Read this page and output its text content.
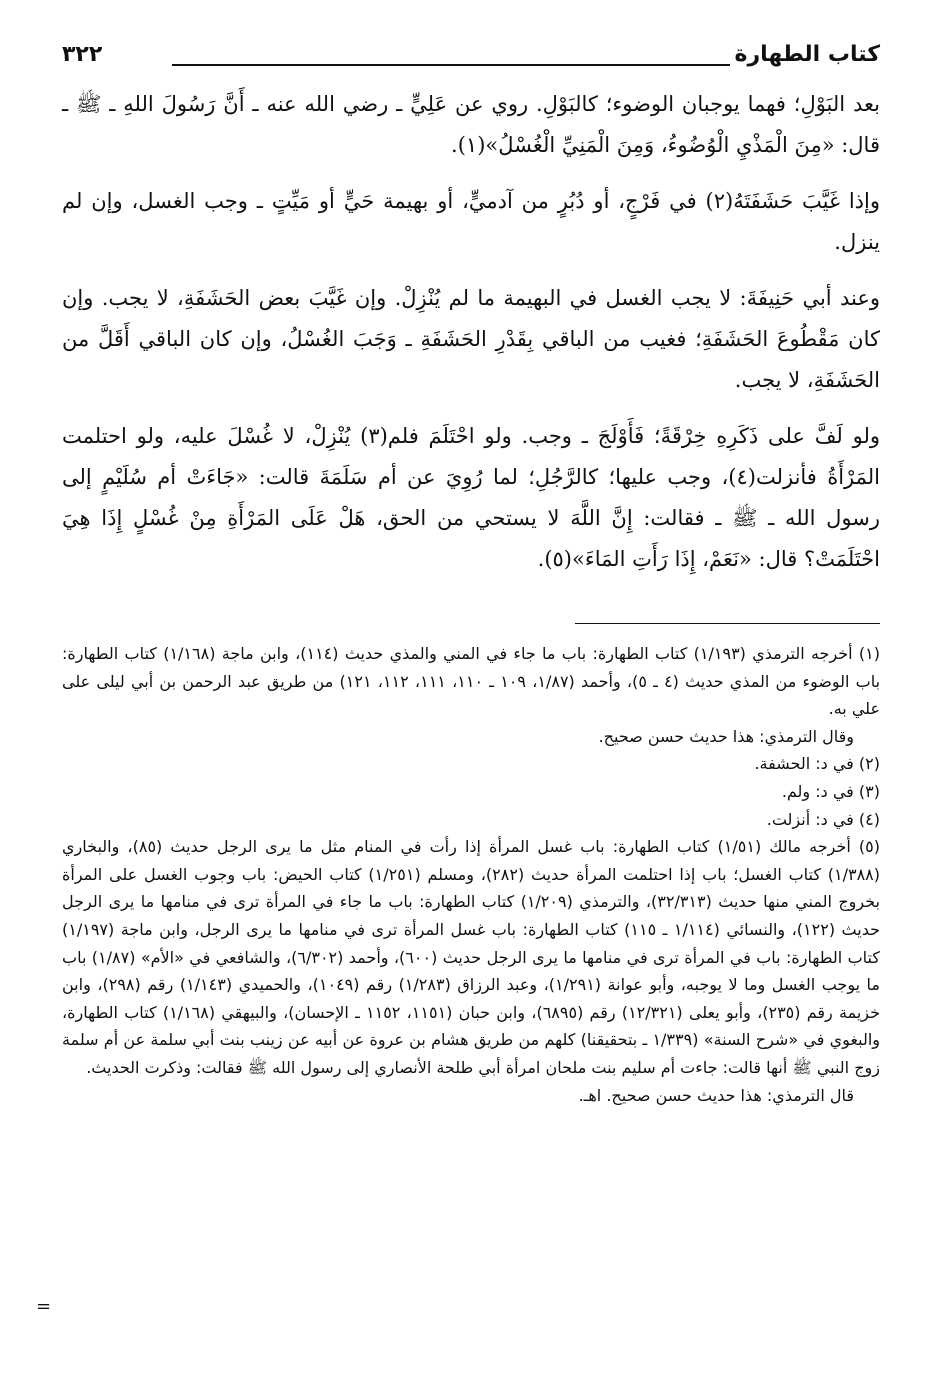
كتاب الطهارة
٣٢٢

بعد البَوْلِ؛ فهما يوجبان الوضوء؛ كالبَوْلِ. روي عن عَلِيٍّ ـ رضي الله عنه ـ أَنَّ رَسُولَ اللهِ ـ ﷺ ـ قال: «مِنَ الْمَذْيِ الْوُضُوءُ، وَمِنَ الْمَنِيِّ الْغُسْلُ»(١).

وإذا غَيَّبَ حَشَفَتَهُ(٢) في فَرْجٍ، أو دُبُرٍ من آدميٍّ، أو بهيمة حَيٍّ أو مَيِّتٍ ـ وجب الغسل، وإن لم ينزل.

وعند أبي حَنِيفَةَ: لا يجب الغسل في البهيمة ما لم يُنْزِلْ. وإن غَيَّبَ بعض الحَشَفَةِ، لا يجب. وإن كان مَقْطُوعَ الحَشَفَةِ؛ فغيب من الباقي بِقَدْرِ الحَشَفَةِ ـ وَجَبَ الغُسْلُ، وإن كان الباقي أَقَلَّ من الحَشَفَةِ، لا يجب.

ولو لَفَّ على ذَكَرِهِ خِرْقَةً؛ فَأَوْلَجَ ـ وجب. ولو احْتَلَمَ فلم(٣) يُنْزِلْ، لا غُسْلَ عليه، ولو احتلمت المَرْأَةُ فأنزلت(٤)، وجب عليها؛ كالرَّجُلِ؛ لما رُوِيَ عن أم سَلَمَةَ قالت: «جَاءَتْ أم سُلَيْمٍ إلى رسول الله ـ ﷺ ـ فقالت: إِنَّ اللَّهَ لا يستحي من الحق، هَلْ عَلَى المَرْأَةِ مِنْ غُسْلٍ إِذَا هِيَ احْتَلَمَتْ؟ قال: «نَعَمْ، إِذَا رَأَتِ المَاءَ»(٥).

(١) أخرجه الترمذي (١/١٩٣) كتاب الطهارة: باب ما جاء في المني والمذي حديث (١١٤)، وابن ماجة (١/١٦٨) كتاب الطهارة: باب الوضوء من المذي حديث (٤ ـ ٥)، وأحمد (١/٨٧، ١٠٩ ـ ١١٠، ١١١، ١١٢، ١٢١) من طريق عبد الرحمن بن أبي ليلى على علي به.

وقال الترمذي: هذا حديث حسن صحيح.

(٢) في د: الحشفة.

(٣) في د: ولم.

(٤) في د: أنزلت.

(٥) أخرجه مالك (١/٥١) كتاب الطهارة: باب غسل المرأة إذا رأت في المنام مثل ما يرى الرجل حديث (٨٥)، والبخاري (١/٣٨٨) كتاب الغسل؛ باب إذا احتلمت المرأة حديث (٢٨٢)، ومسلم (١/٢٥١) كتاب الحيض: باب وجوب الغسل على المرأة بخروج المني منها حديث (٣٢/٣١٣)، والترمذي (١/٢٠٩) كتاب الطهارة: باب ما جاء في المرأة ترى في منامها ما يرى الرجل حديث (١٢٢)، والنسائي (١/١١٤ ـ ١١٥) كتاب الطهارة: باب غسل المرأة ترى في منامها ما يرى الرجل، وابن ماجة (١/١٩٧) كتاب الطهارة: باب في المرأة ترى في منامها ما يرى الرجل حديث (٦٠٠)، وأحمد (٦/٣٠٢)، والشافعي في «الأم» (١/٨٧) باب ما يوجب الغسل وما لا يوجبه، وأبو عوانة (١/٢٩١)، وعبد الرزاق (١/٢٨٣) رقم (١٠٤٩)، والحميدي (١/١٤٣) رقم (٢٩٨)، وابن خزيمة رقم (٢٣٥)، وأبو يعلى (١٢/٣٢١) رقم (٦٨٩٥)، وابن حبان (١١٥١، ١١٥٢ ـ الإحسان)، والبيهقي (١/١٦٨) كتاب الطهارة، والبغوي في «شرح السنة» (١/٣٣٩ ـ بتحقيقنا) كلهم من طريق هشام بن عروة عن أبيه عن زينب بنت أبي سلمة عن أم سلمة زوج النبي ﷺ أنها قالت: جاءت أم سليم بنت ملحان امرأة أبي طلحة الأنصاري إلى رسول الله ﷺ فقالت: وذكرت الحديث.

قال الترمذي: هذا حديث حسن صحيح. اهـ.

=
